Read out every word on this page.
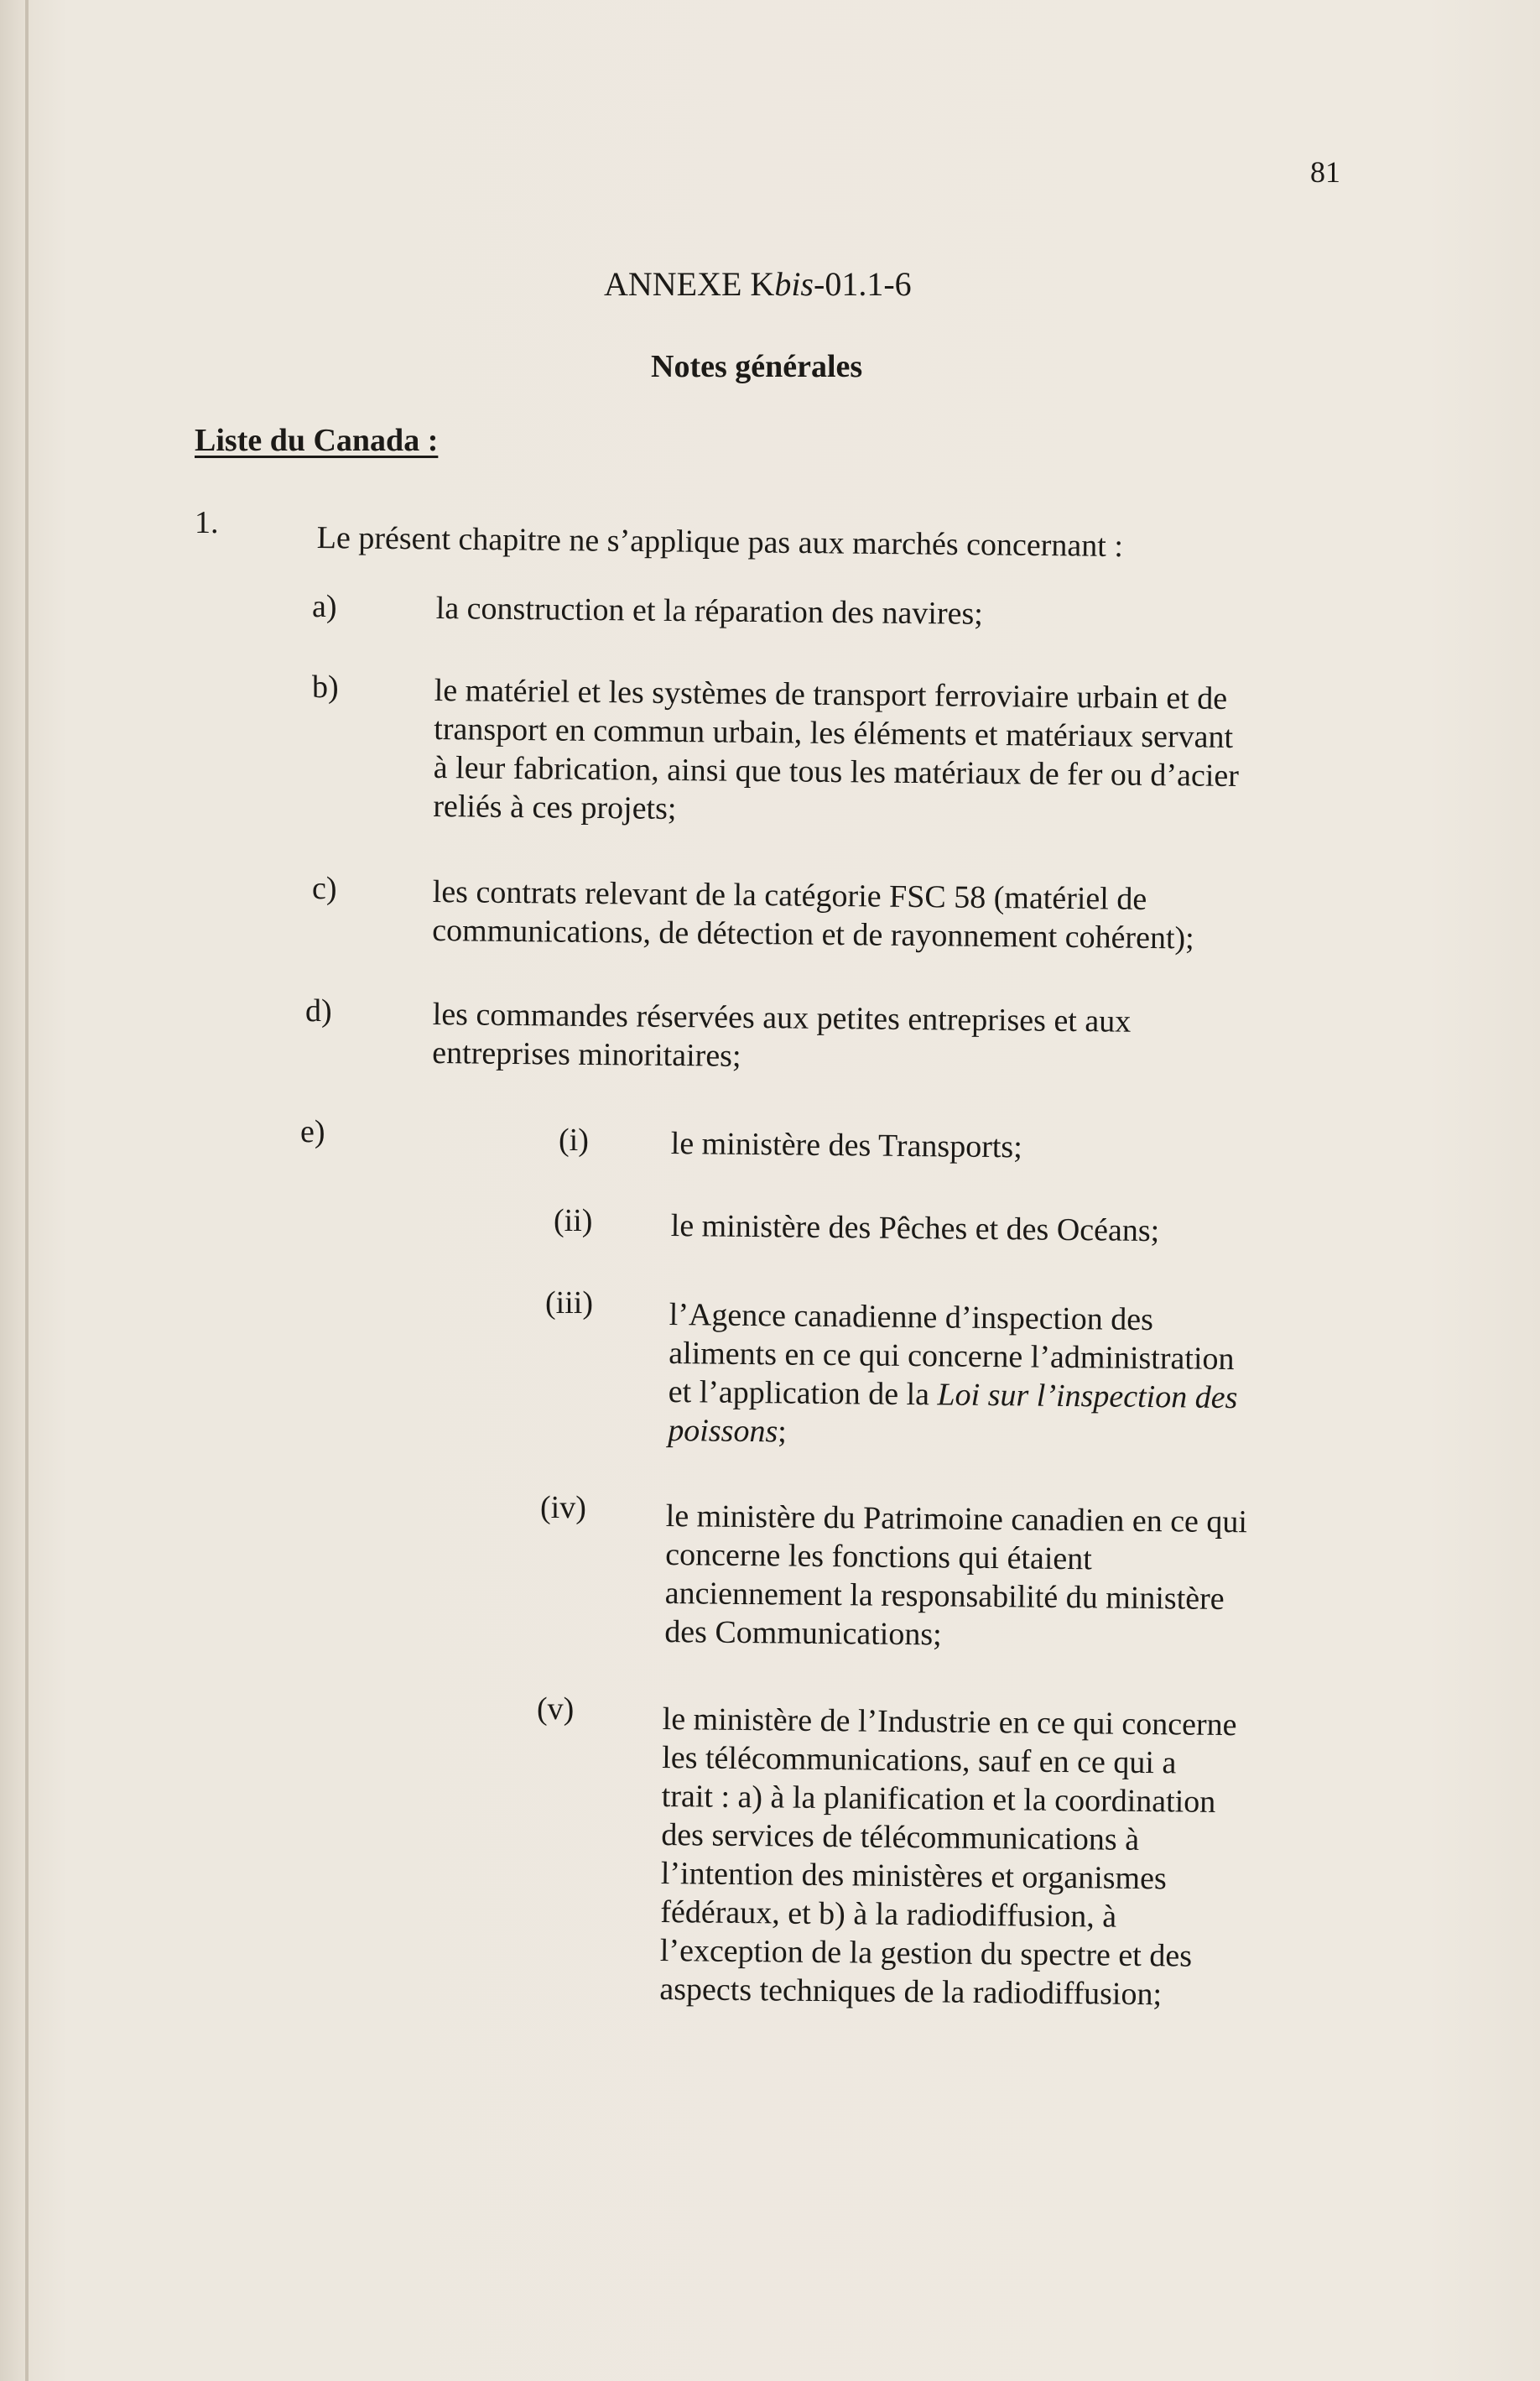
81
ANNEXE Kbis-01.1-6
Notes générales
Liste du Canada :
1.	Le présent chapitre ne s’applique pas aux marchés concernant :
a)	la construction et la réparation des navires;
b)	le matériel et les systèmes de transport ferroviaire urbain et de
transport en commun urbain, les éléments et matériaux servant
à leur fabrication, ainsi que tous les matériaux de fer ou d’acier
reliés à ces projets;
c)	les contrats relevant de la catégorie FSC 58 (matériel de
communications, de détection et de rayonnement cohérent);
d)	les commandes réservées aux petites entreprises et aux
entreprises minoritaires;
e)	(i)	le ministère des Transports;
(ii) le ministère des Pêches et des Océans;
(iii) l’Agence canadienne d’inspection des
aliments en ce qui concerne l’administration
et l’application de la Loi sur l’inspection des
poissons;
(iv) le ministère du Patrimoine canadien en ce qui
concerne les fonctions qui étaient
anciennement la responsabilité du ministère
des Communications;
(v)	le ministère de l’Industrie en ce qui concerne
les télécommunications, sauf en ce qui a
trait : a) à la planification et la coordination
des services de télécommunications à
l’intention des ministères et organismes
fédéraux, et b) à la radiodiffusion, à
l’exception de la gestion du spectre et des
aspects techniques de la radiodiffusion;
